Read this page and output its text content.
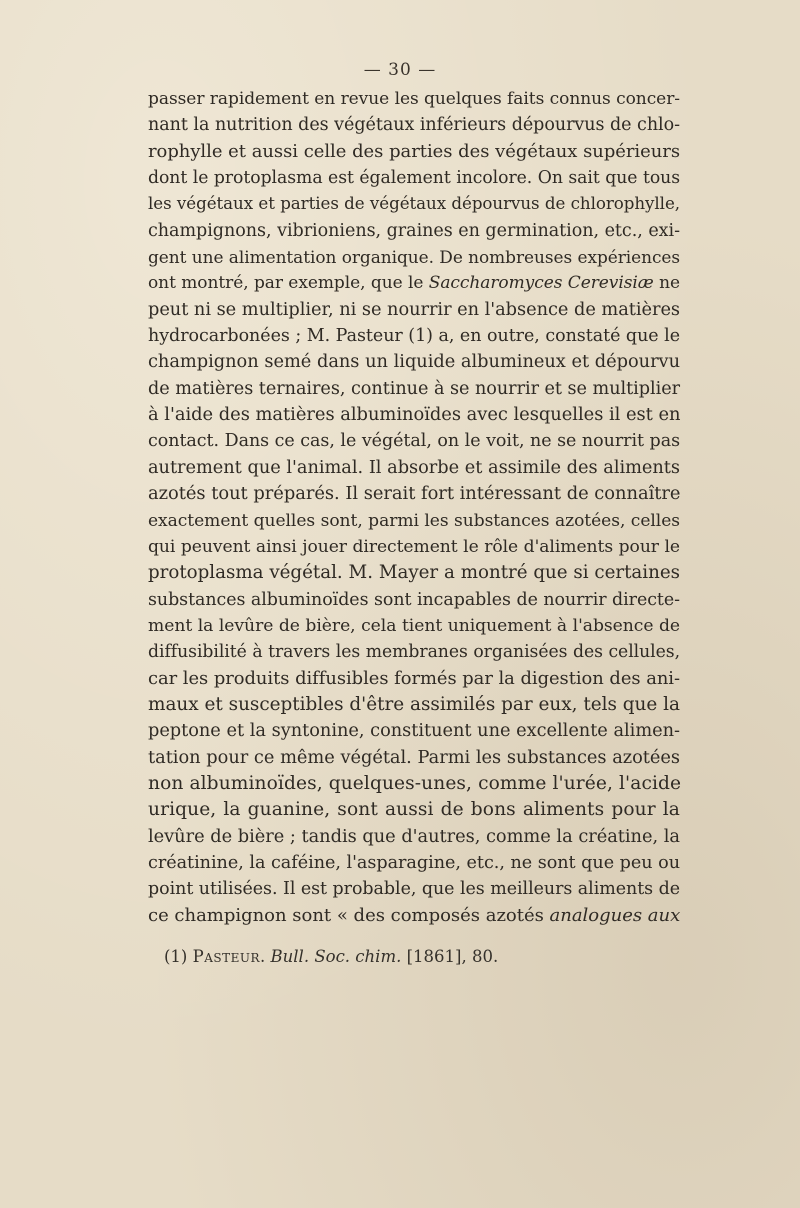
— 30 —
passer rapidement en revue les quelques faits connus concer-
nant la nutrition des végétaux inférieurs dépourvus de chlo-
rophylle et aussi celle des parties des végétaux supérieurs
dont le protoplasma est également incolore. On sait que tous
les végétaux et parties de végétaux dépourvus de chlorophylle,
champignons, vibrioniens, graines en germination, etc., exi-
gent une alimentation organique. De nombreuses expériences
ont montré, par exemple, que le Saccharomyces Cerevisiæ ne
peut ni se multiplier, ni se nourrir en l'absence de matières
hydrocarbonées ; M. Pasteur (1) a, en outre, constaté que le
champignon semé dans un liquide albumineux et dépourvu
de matières ternaires, continue à se nourrir et se multiplier
à l'aide des matières albuminoïdes avec lesquelles il est en
contact. Dans ce cas, le végétal, on le voit, ne se nourrit pas
autrement que l'animal. Il absorbe et assimile des aliments
azotés tout préparés. Il serait fort intéressant de connaître
exactement quelles sont, parmi les substances azotées, celles
qui peuvent ainsi jouer directement le rôle d'aliments pour le
protoplasma végétal. M. Mayer a montré que si certaines
substances albuminoïdes sont incapables de nourrir directe-
ment la levûre de bière, cela tient uniquement à l'absence de
diffusibilité à travers les membranes organisées des cellules,
car les produits diffusibles formés par la digestion des ani-
maux et susceptibles d'être assimilés par eux, tels que la
peptone et la syntonine, constituent une excellente alimen-
tation pour ce même végétal. Parmi les substances azotées
non albuminoïdes, quelques-unes, comme l'urée, l'acide
urique, la guanine, sont aussi de bons aliments pour la
levûre de bière ; tandis que d'autres, comme la créatine, la
créatinine, la caféine, l'asparagine, etc., ne sont que peu ou
point utilisées. Il est probable, que les meilleurs aliments de
ce champignon sont « des composés azotés analogues aux
(1) Pasteur. Bull. Soc. chim. [1861], 80.
